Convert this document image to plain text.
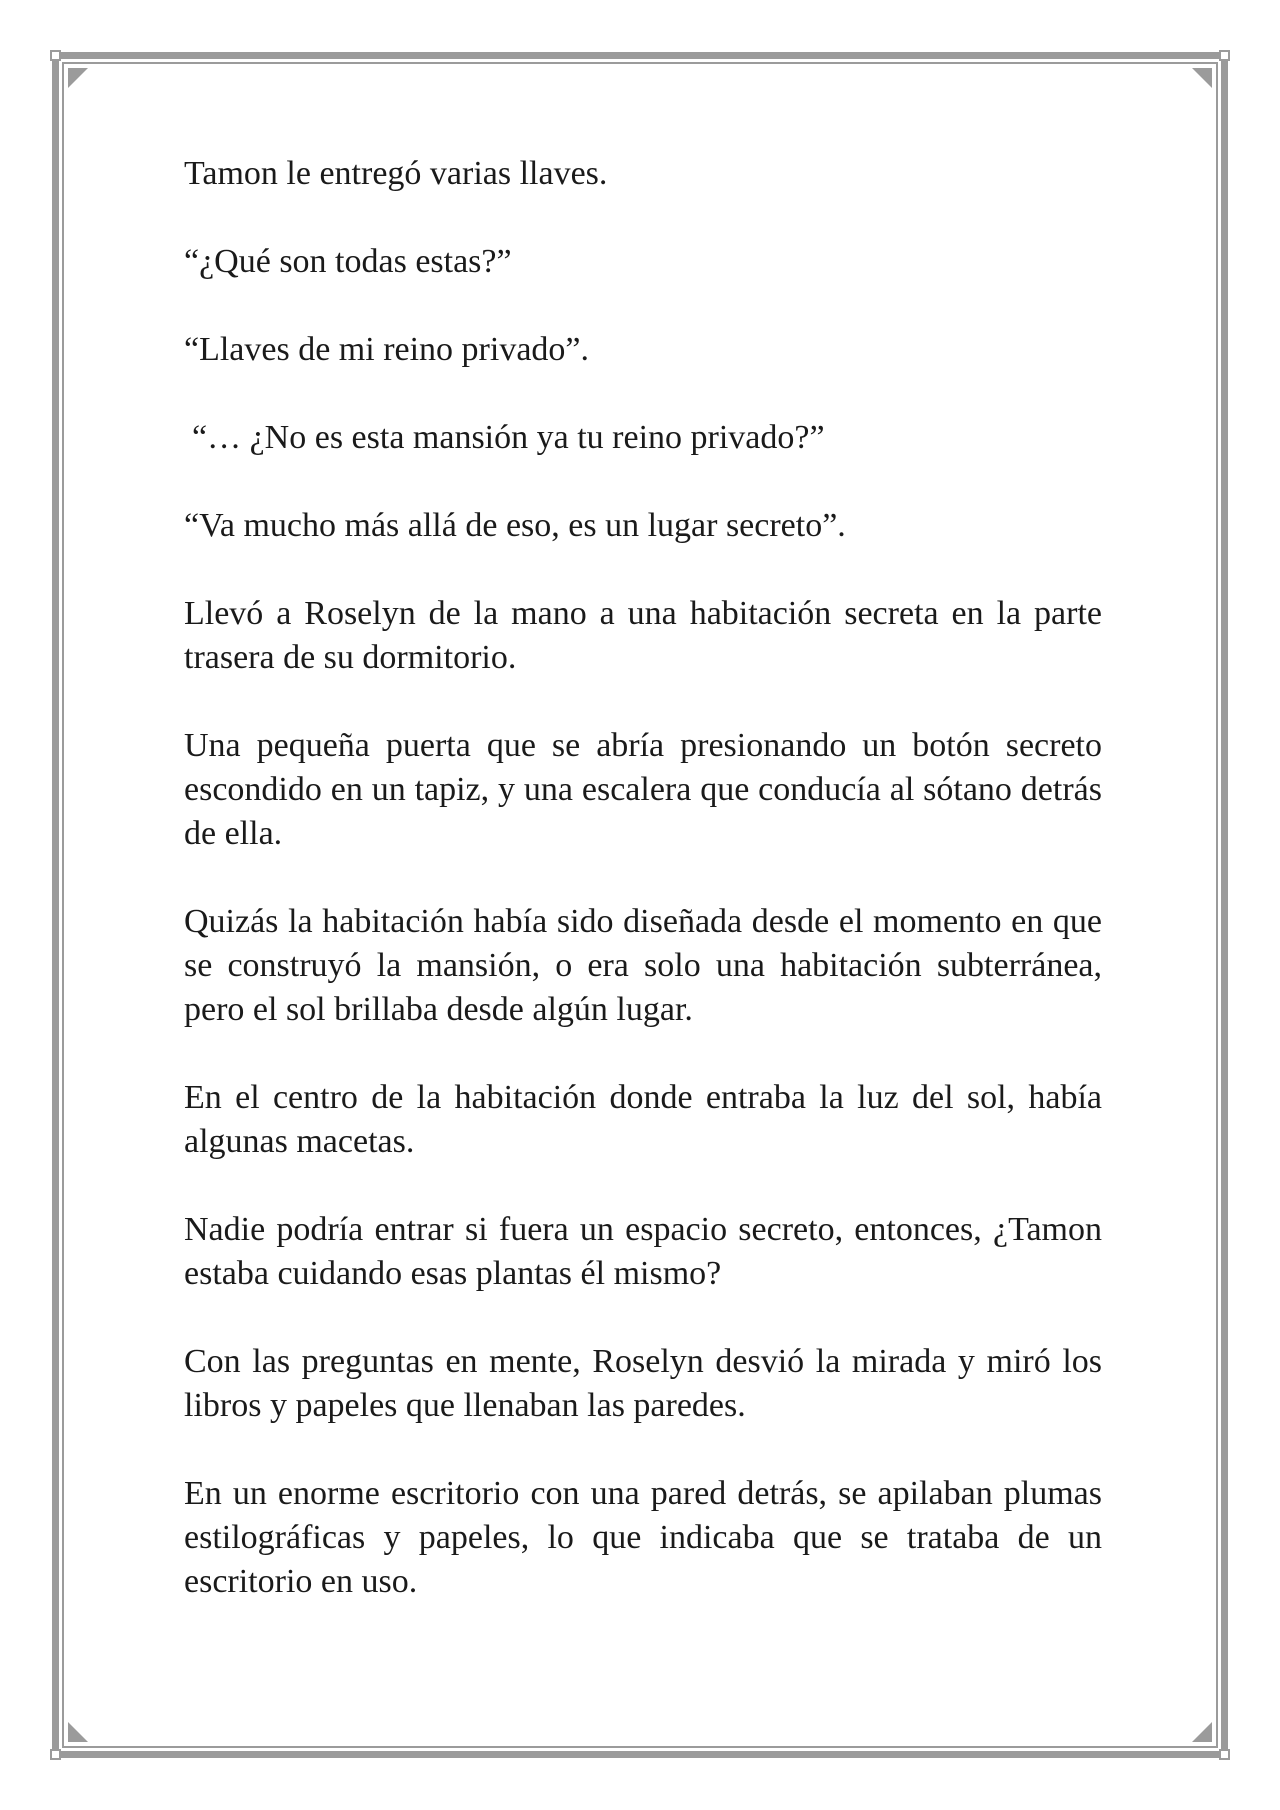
Tamon le entregó varias llaves.

“¿Qué son todas estas?”

“Llaves de mi reino privado”.

“… ¿No es esta mansión ya tu reino privado?”

“Va mucho más allá de eso, es un lugar secreto”.

Llevó a Roselyn de la mano a una habitación secreta en la parte trasera de su dormitorio.

Una pequeña puerta que se abría presionando un botón secreto escondido en un tapiz, y una escalera que conducía al sótano detrás de ella.

Quizás la habitación había sido diseñada desde el momento en que se construyó la mansión, o era solo una habitación subterránea, pero el sol brillaba desde algún lugar.

En el centro de la habitación donde entraba la luz del sol, había algunas macetas.

Nadie podría entrar si fuera un espacio secreto, entonces, ¿Tamon estaba cuidando esas plantas él mismo?

Con las preguntas en mente, Roselyn desvió la mirada y miró los libros y papeles que llenaban las paredes.

En un enorme escritorio con una pared detrás, se apilaban plumas estilográficas y papeles, lo que indicaba que se trataba de un escritorio en uso.
